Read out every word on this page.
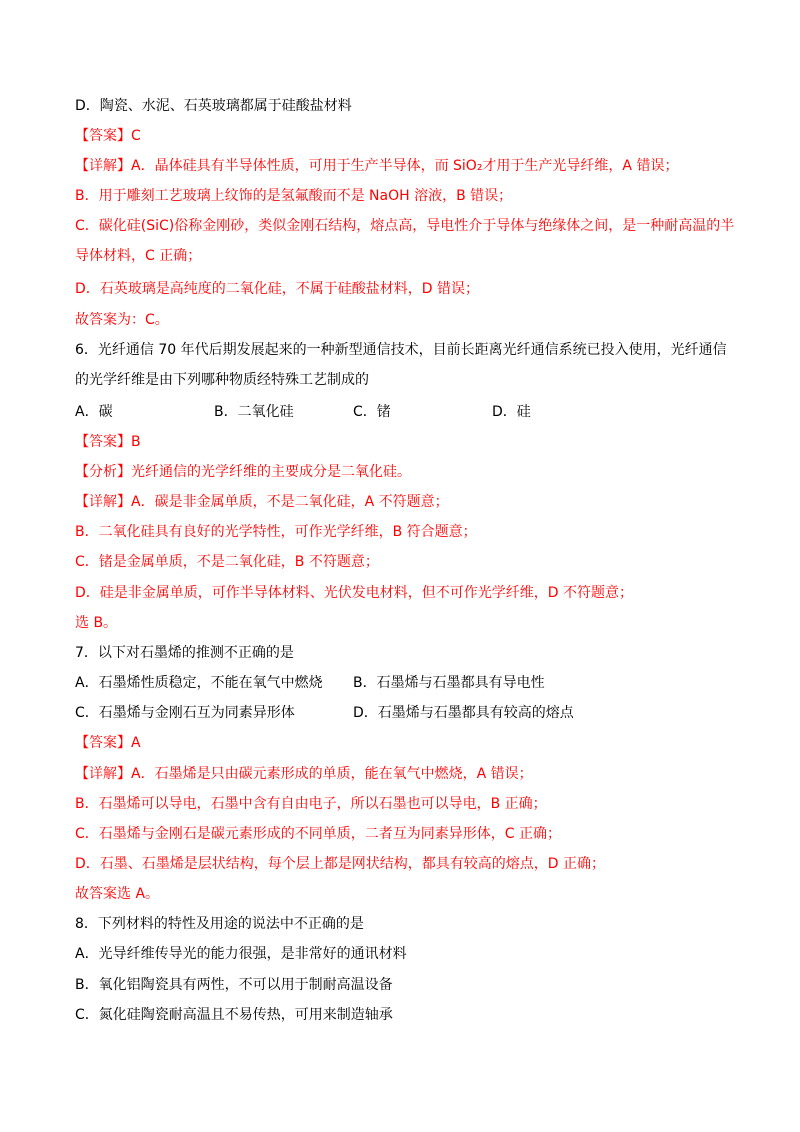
D．陶瓷、水泥、石英玻璃都属于硅酸盐材料
【答案】C
【详解】A．晶体硅具有半导体性质，可用于生产半导体，而 SiO₂才用于生产光导纤维，A 错误；
B．用于雕刻工艺玻璃上纹饰的是氢氟酸而不是 NaOH 溶液，B 错误；
C．碳化硅(SiC)俗称金刚砂，类似金刚石结构，熔点高，导电性介于导体与绝缘体之间，是一种耐高温的半
导体材料，C 正确；
D．石英玻璃是高纯度的二氧化硅，不属于硅酸盐材料，D 错误；
故答案为：C。
6．光纤通信 70 年代后期发展起来的一种新型通信技术，目前长距离光纤通信系统已投入使用，光纤通信
的光学纤维是由下列哪种物质经特殊工艺制成的
A．碳	B．二氧化硅	C．锗	D．硅
【答案】B
【分析】光纤通信的光学纤维的主要成分是二氧化硅。
【详解】A．碳是非金属单质，不是二氧化硅，A 不符题意；
B．二氧化硅具有良好的光学特性，可作光学纤维，B 符合题意；
C．锗是金属单质，不是二氧化硅，B 不符题意；
D．硅是非金属单质，可作半导体材料、光伏发电材料，但不可作光学纤维，D 不符题意；
选 B。
7．以下对石墨烯的推测不正确的是
A．石墨烯性质稳定，不能在氧气中燃烧 B．石墨烯与石墨都具有导电性
C．石墨烯与金刚石互为同素异形体	D．石墨烯与石墨都具有较高的熔点
【答案】A
【详解】A．石墨烯是只由碳元素形成的单质，能在氧气中燃烧，A 错误；
B．石墨烯可以导电，石墨中含有自由电子，所以石墨也可以导电，B 正确；
C．石墨烯与金刚石是碳元素形成的不同单质，二者互为同素异形体，C 正确；
D．石墨、石墨烯是层状结构，每个层上都是网状结构，都具有较高的熔点，D 正确；
故答案选 A。
8．下列材料的特性及用途的说法中不正确的是
A．光导纤维传导光的能力很强，是非常好的通讯材料
B．氧化铝陶瓷具有两性，不可以用于制耐高温设备
C．氮化硅陶瓷耐高温且不易传热，可用来制造轴承
